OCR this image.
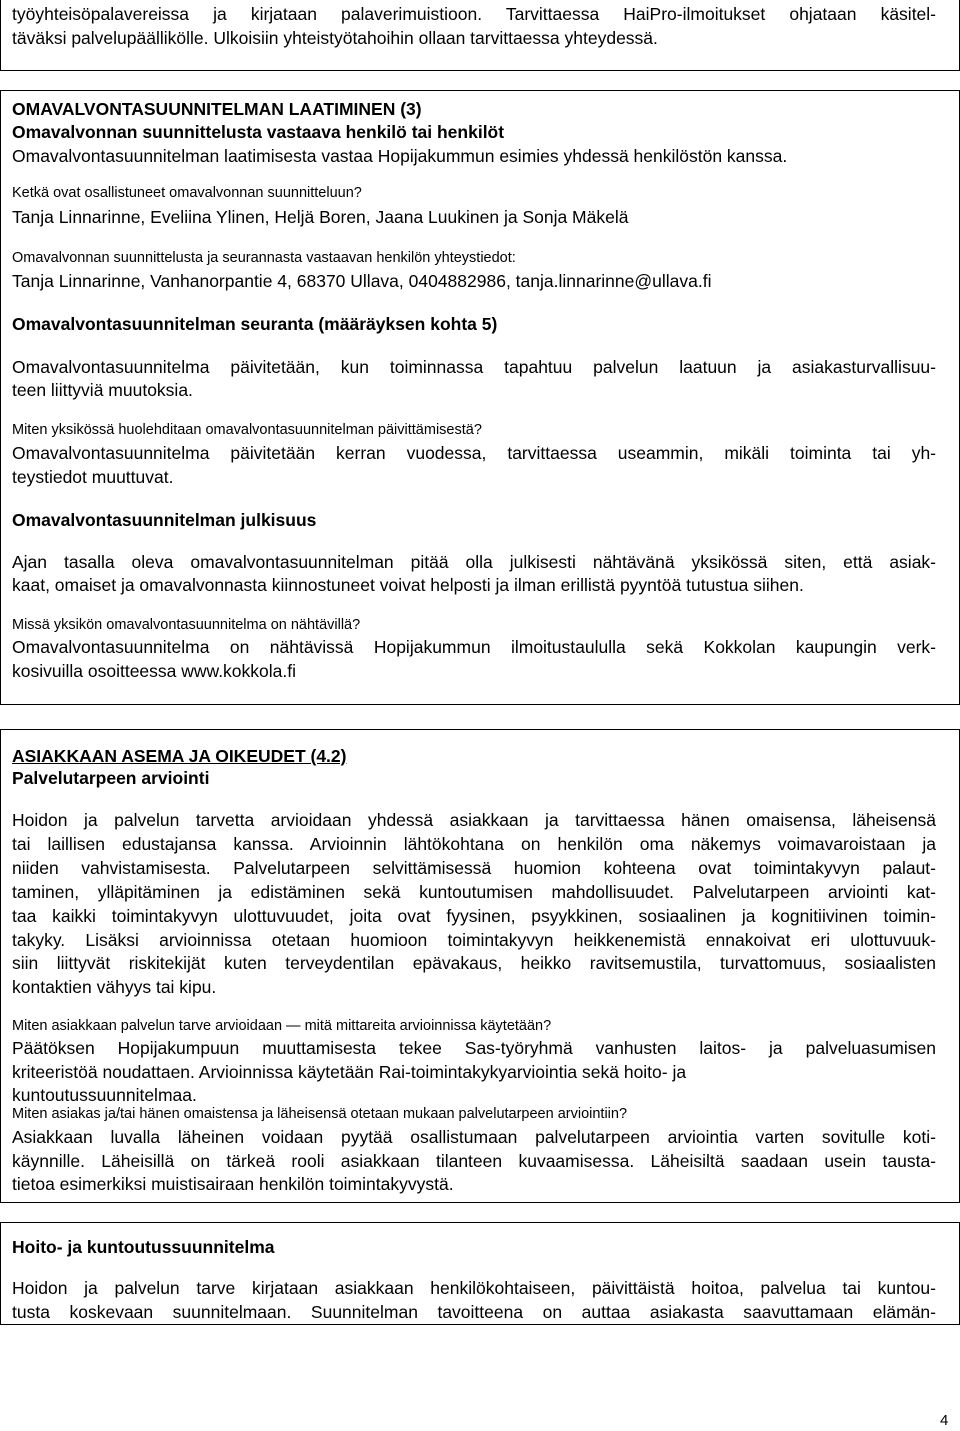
työyhteisöpalavereissa ja kirjataan palaverimuistioon. Tarvittaessa HaiPro-ilmoitukset ohjataan käsitel-

täväksi palvelupäällikölle. Ulkoisiin yhteistyötahoihin ollaan tarvittaessa yhteydessä.

OMAVALVONTASUUNNITELMAN LAATIMINEN (3)

Omavalvonnan suunnittelusta vastaava henkilö tai henkilöt

Omavalvontasuunnitelman laatimisesta vastaa Hopijakummun esimies yhdessä henkilöstön kanssa.

Ketkä ovat osallistuneet omavalvonnan suunnitteluun?

Tanja Linnarinne, Eveliina Ylinen, Heljä Boren, Jaana Luukinen ja Sonja Mäkelä

Omavalvonnan suunnittelusta ja seurannasta vastaavan henkilön yhteystiedot:

Tanja Linnarinne, Vanhanorpantie 4, 68370 Ullava, 0404882986, tanja.linnarinne@ullava.fi

Omavalvontasuunnitelman seuranta (määräyksen kohta 5)

Omavalvontasuunnitelma päivitetään, kun toiminnassa tapahtuu palvelun laatuun ja asiakasturvallisuu-

teen liittyviä muutoksia.

Miten yksikössä huolehditaan omavalvontasuunnitelman päivittämisestä?

Omavalvontasuunnitelma päivitetään kerran vuodessa, tarvittaessa useammin, mikäli toiminta tai yh-

teystiedot muuttuvat.

Omavalvontasuunnitelman julkisuus

Ajan tasalla oleva omavalvontasuunnitelman pitää olla julkisesti nähtävänä yksikössä siten, että asiak-

kaat, omaiset ja omavalvonnasta kiinnostuneet voivat helposti ja ilman erillistä pyyntöä tutustua siihen.

Missä yksikön omavalvontasuunnitelma on nähtävillä?

Omavalvontasuunnitelma on nähtävissä Hopijakummun ilmoitustaululla sekä Kokkolan kaupungin verk-

kosivuilla osoitteessa www.kokkola.fi

ASIAKKAAN ASEMA JA OIKEUDET (4.2)

Palvelutarpeen arviointi

Hoidon ja palvelun tarvetta arvioidaan yhdessä asiakkaan ja tarvittaessa hänen omaisensa, läheisensä

tai laillisen edustajansa kanssa. Arvioinnin lähtökohtana on henkilön oma näkemys voimavaroistaan ja

niiden vahvistamisesta. Palvelutarpeen selvittämisessä huomion kohteena ovat toimintakyvyn palaut-

taminen, ylläpitäminen ja edistäminen sekä kuntoutumisen mahdollisuudet. Palvelutarpeen arviointi kat-

taa kaikki toimintakyvyn ulottuvuudet, joita ovat fyysinen, psyykkinen, sosiaalinen ja kognitiivinen toimin-

takyky. Lisäksi arvioinnissa otetaan huomioon toimintakyvyn heikkenemistä ennakoivat eri ulottuvuuk-

siin liittyvät riskitekijät kuten terveydentilan epävakaus, heikko ravitsemustila, turvattomuus, sosiaalisten

kontaktien vähyys tai kipu.

Miten asiakkaan palvelun tarve arvioidaan — mitä mittareita arvioinnissa käytetään?

Päätöksen Hopijakumpuun muuttamisesta tekee Sas-työryhmä vanhusten laitos- ja palveluasumisen

kriteeristöä noudattaen. Arvioinnissa käytetään Rai-toimintakykyarviointia sekä hoito- ja

kuntoutussuunnitelmaa.

Miten asiakas ja/tai hänen omaistensa ja läheisensä otetaan mukaan palvelutarpeen arviointiin?

Asiakkaan luvalla läheinen voidaan pyytää osallistumaan palvelutarpeen arviointia varten sovitulle koti-

käynnille. Läheisillä on tärkeä rooli asiakkaan tilanteen kuvaamisessa. Läheisiltä saadaan usein tausta-

tietoa esimerkiksi muistisairaan henkilön toimintakyvystä.

Hoito- ja kuntoutussuunnitelma

Hoidon ja palvelun tarve kirjataan asiakkaan henkilökohtaiseen, päivittäistä hoitoa, palvelua tai kuntou-

tusta koskevaan suunnitelmaan. Suunnitelman tavoitteena on auttaa asiakasta saavuttamaan elämän-

4
